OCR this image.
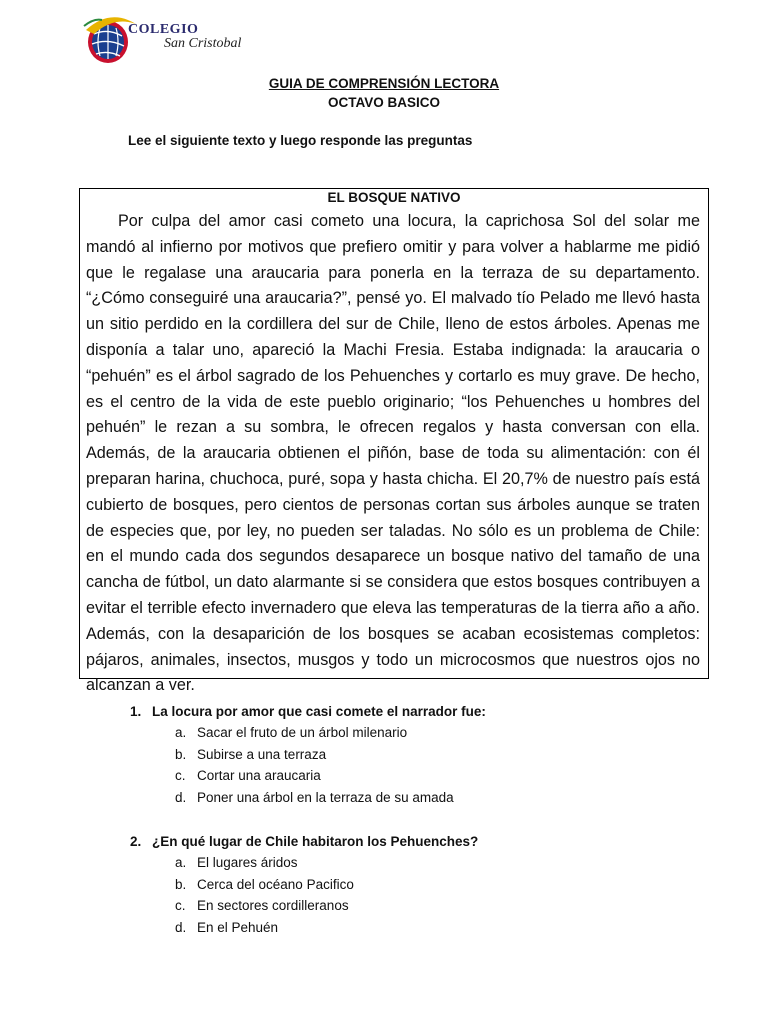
COLEGIO
San Cristobal
GUIA DE COMPRENSIÓN LECTORA
OCTAVO BASICO
Lee el siguiente texto y luego responde las preguntas
EL BOSQUE NATIVO

Por culpa del amor casi cometo una locura, la caprichosa Sol del solar me mandó al infierno por motivos que prefiero omitir y para volver a hablarme me pidió que le regalase una araucaria para ponerla en la terraza de su departamento. “¿Cómo conseguiré una araucaria?”, pensé yo. El malvado tío Pelado me llevó hasta un sitio perdido en la cordillera del sur de Chile, lleno de estos árboles. Apenas me disponía a talar uno, apareció la Machi Fresia. Estaba indignada: la araucaria o “pehuén” es el árbol sagrado de los Pehuenches y cortarlo es muy grave. De hecho, es el centro de la vida de este pueblo originario; “los Pehuenches u hombres del pehuén” le rezan a su sombra, le ofrecen regalos y hasta conversan con ella. Además, de la araucaria obtienen el piñón, base de toda su alimentación: con él preparan harina, chuchoca, puré, sopa y hasta chicha. El 20,7% de nuestro país está cubierto de bosques, pero cientos de personas cortan sus árboles aunque se traten de especies que, por ley, no pueden ser taladas. No sólo es un problema de Chile: en el mundo cada dos segundos desaparece un bosque nativo del tamaño de una cancha de fútbol, un dato alarmante si se considera que estos bosques contribuyen a evitar el terrible efecto invernadero que eleva las temperaturas de la tierra año a año. Además, con la desaparición de los bosques se acaban ecosistemas completos: pájaros, animales, insectos, musgos y todo un microcosmos que nuestros ojos no alcanzan a ver.

1. La locura por amor que casi comete el narrador fue:
a. Sacar el fruto de un árbol milenario
b. Subirse a una terraza
c. Cortar una araucaria
d. Poner una árbol en la terraza de su amada
2. ¿En qué lugar de Chile habitaron los Pehuenches?
a. El lugares áridos
b. Cerca del océano Pacifico
c. En sectores cordilleranos
d. En el Pehuén
